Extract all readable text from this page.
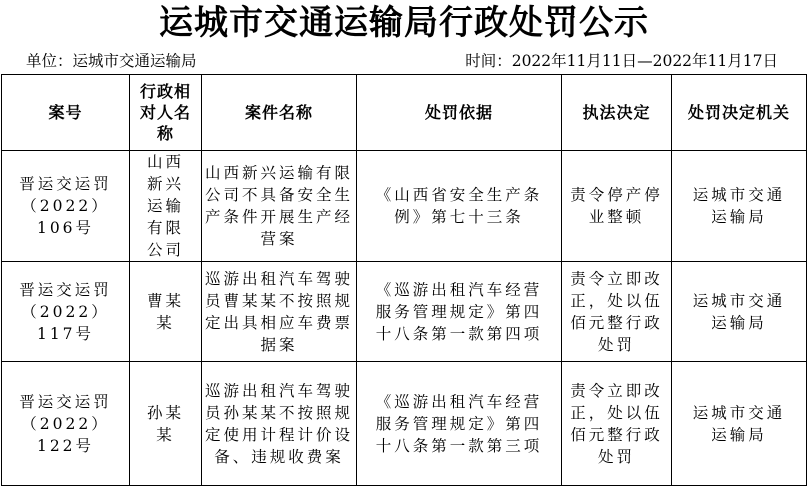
运城市交通运输局行政处罚公示
单位：运城市交通运输局	时间：2022年11月11日—2022年11月17日
案号	行政相对人名称	案件名称	处罚依据	执法决定	处罚决定机关

晋运交运罚（2022）106号	山西新兴运输有限公司	山西新兴运输有限公司不具备安全生产条件开展生产经营案	《山西省安全生产条例》第七十三条	责令停产停业整顿	运城市交通运输局

晋运交运罚（2022）117号	曹某某	巡游出租汽车驾驶员曹某某不按照规定出具相应车费票据案	《巡游出租汽车经营服务管理规定》第四十八条第一款第四项	责令立即改正，处以伍佰元整行政处罚	运城市交通运输局

晋运交运罚（2022）122号	孙某某	巡游出租汽车驾驶员孙某某不按照规定使用计程计价设备、违规收费案	《巡游出租汽车经营服务管理规定》第四十八条第一款第三项	责令立即改正，处以伍佰元整行政处罚	运城市交通运输局
